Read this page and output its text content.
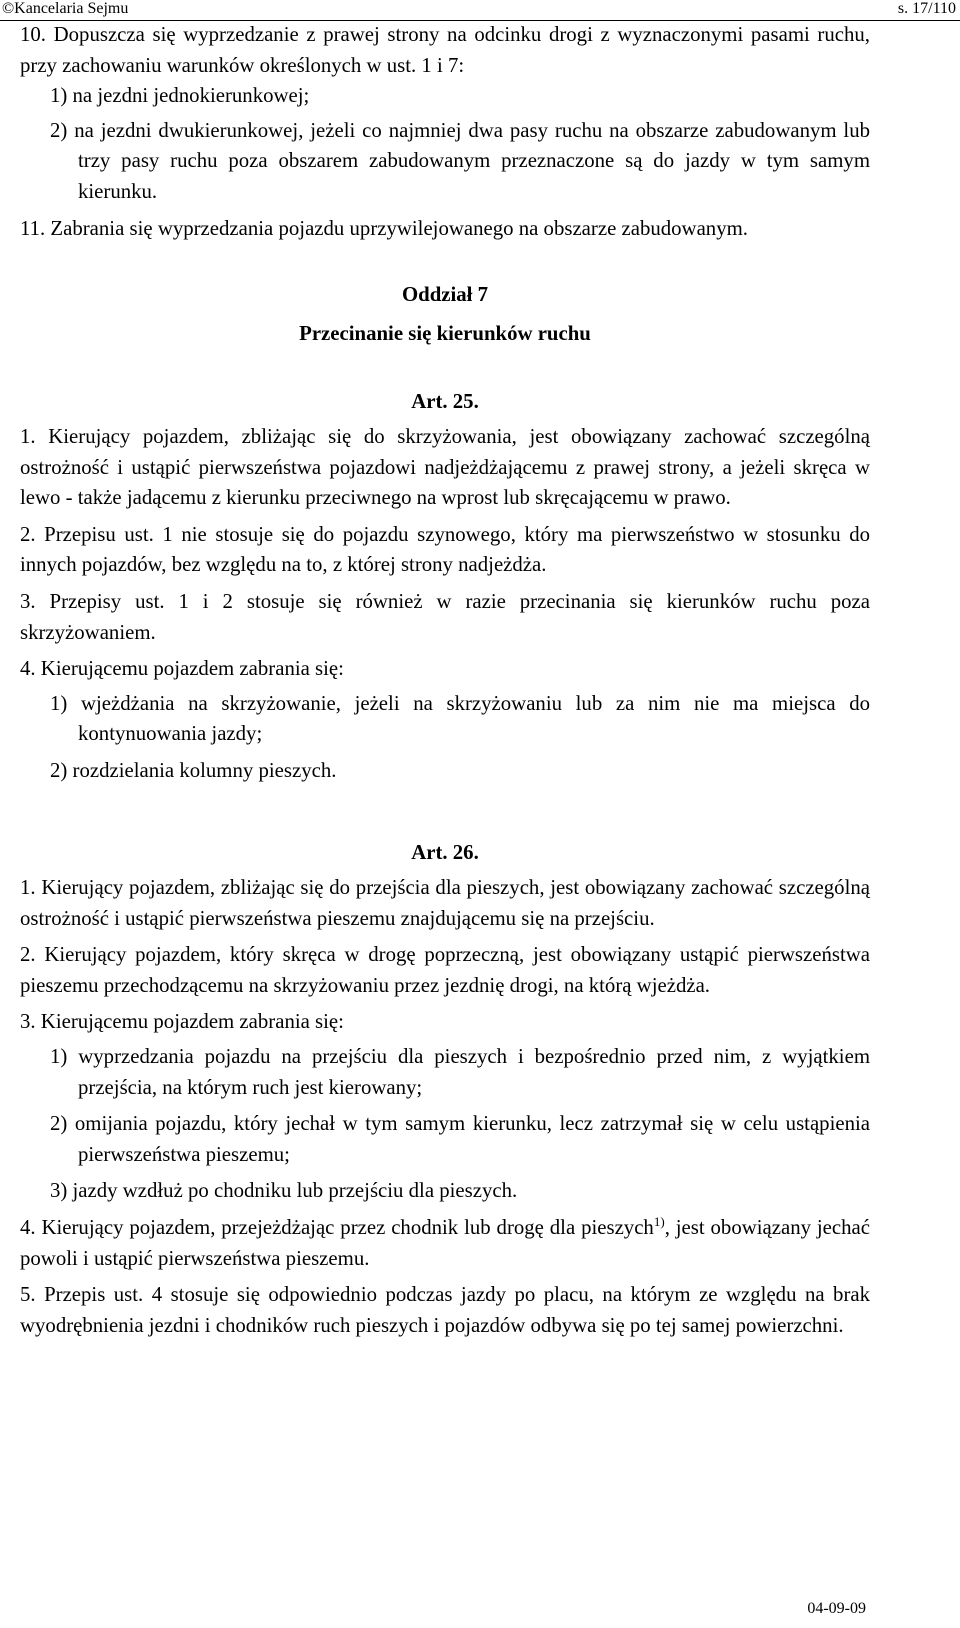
©Kancelaria Sejmu	s. 17/110

10. Dopuszcza się wyprzedzanie z prawej strony na odcinku drogi z wyznaczonymi pasami ruchu, przy zachowaniu warunków określonych w ust. 1 i 7:

1) na jezdni jednokierunkowej;

2) na jezdni dwukierunkowej, jeżeli co najmniej dwa pasy ruchu na obszarze zabudowanym lub trzy pasy ruchu poza obszarem zabudowanym przeznaczone są do jazdy w tym samym kierunku.

11. Zabrania się wyprzedzania pojazdu uprzywilejowanego na obszarze zabudowanym.

Oddział 7

Przecinanie się kierunków ruchu

Art. 25.

1. Kierujący pojazdem, zbliżając się do skrzyżowania, jest obowiązany zachować szczególną ostrożność i ustąpić pierwszeństwa pojazdowi nadjeżdżającemu z prawej strony, a jeżeli skręca w lewo - także jadącemu z kierunku przeciwnego na wprost lub skręcającemu w prawo.

2. Przepisu ust. 1 nie stosuje się do pojazdu szynowego, który ma pierwszeństwo w stosunku do innych pojazdów, bez względu na to, z której strony nadjeżdża.

3. Przepisy ust. 1 i 2 stosuje się również w razie przecinania się kierunków ruchu poza skrzyżowaniem.

4. Kierującemu pojazdem zabrania się:

1) wjeżdżania na skrzyżowanie, jeżeli na skrzyżowaniu lub za nim nie ma miejsca do kontynuowania jazdy;

2) rozdzielania kolumny pieszych.

Art. 26.

1. Kierujący pojazdem, zbliżając się do przejścia dla pieszych, jest obowiązany zachować szczególną ostrożność i ustąpić pierwszeństwa pieszemu znajdującemu się na przejściu.

2. Kierujący pojazdem, który skręca w drogę poprzeczną, jest obowiązany ustąpić pierwszeństwa pieszemu przechodzącemu na skrzyżowaniu przez jezdnię drogi, na którą wjeżdża.

3. Kierującemu pojazdem zabrania się:

1) wyprzedzania pojazdu na przejściu dla pieszych i bezpośrednio przed nim, z wyjątkiem przejścia, na którym ruch jest kierowany;

2) omijania pojazdu, który jechał w tym samym kierunku, lecz zatrzymał się w celu ustąpienia pierwszeństwa pieszemu;

3) jazdy wzdłuż po chodniku lub przejściu dla pieszych.

4. Kierujący pojazdem, przejeżdżając przez chodnik lub drogę dla pieszych$^{1)}$, jest obowiązany jechać powoli i ustąpić pierwszeństwa pieszemu.

5. Przepis ust. 4 stosuje się odpowiednio podczas jazdy po placu, na którym ze względu na brak wyodrębnienia jezdni i chodników ruch pieszych i pojazdów odbywa się po tej samej powierzchni.

04-09-09
